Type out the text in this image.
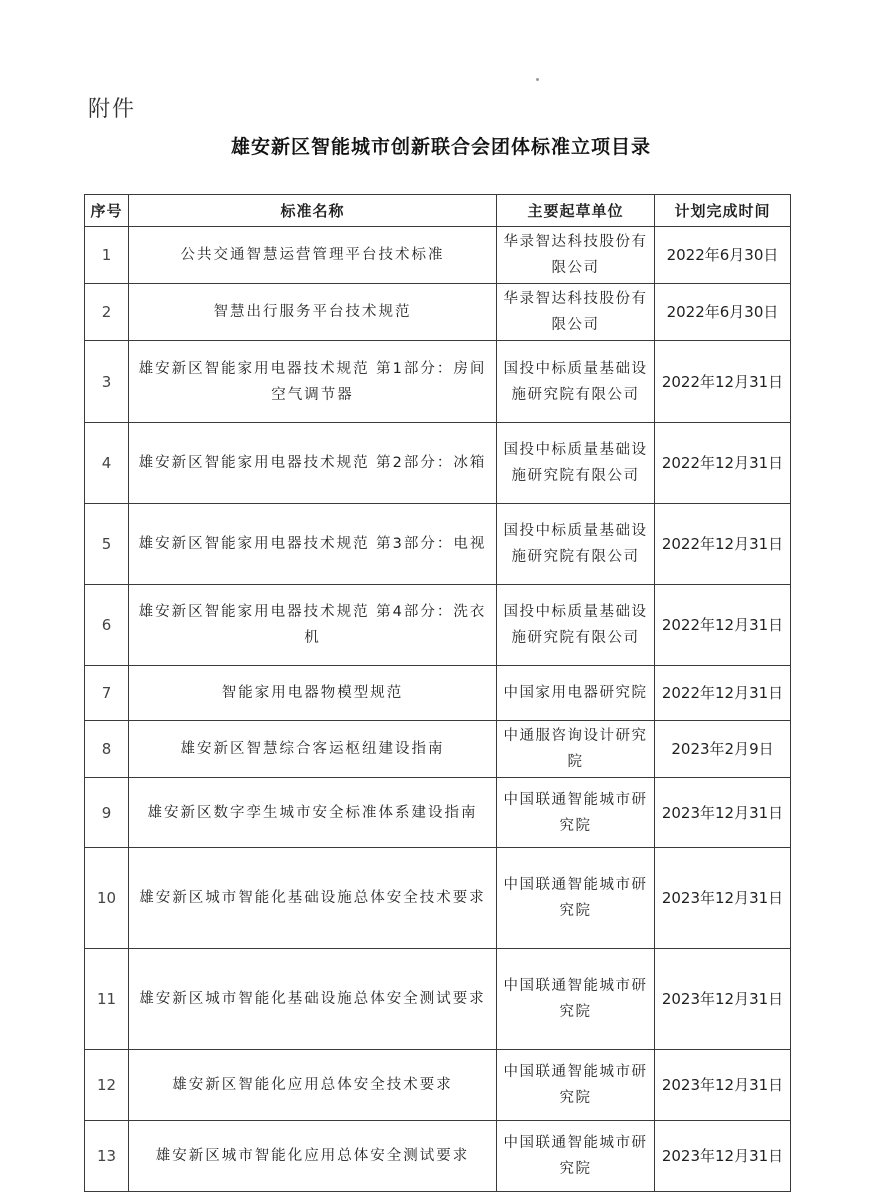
附件
雄安新区智能城市创新联合会团体标准立项目录
序号	标准名称	主要起草单位	计划完成时间
1	公共交通智慧运营管理平台技术标准	华录智达科技股份有限公司	2022年6月30日
2	智慧出行服务平台技术规范	华录智达科技股份有限公司	2022年6月30日
3	雄安新区智能家用电器技术规范 第1部分：房间空气调节器	国投中标质量基础设施研究院有限公司	2022年12月31日
4	雄安新区智能家用电器技术规范 第2部分：冰箱	国投中标质量基础设施研究院有限公司	2022年12月31日
5	雄安新区智能家用电器技术规范 第3部分：电视	国投中标质量基础设施研究院有限公司	2022年12月31日
6	雄安新区智能家用电器技术规范 第4部分：洗衣机	国投中标质量基础设施研究院有限公司	2022年12月31日
7	智能家用电器物模型规范	中国家用电器研究院	2022年12月31日
8	雄安新区智慧综合客运枢纽建设指南	中通服咨询设计研究院	2023年2月9日
9	雄安新区数字孪生城市安全标准体系建设指南	中国联通智能城市研究院	2023年12月31日
10	雄安新区城市智能化基础设施总体安全技术要求	中国联通智能城市研究院	2023年12月31日
11	雄安新区城市智能化基础设施总体安全测试要求	中国联通智能城市研究院	2023年12月31日
12	雄安新区智能化应用总体安全技术要求	中国联通智能城市研究院	2023年12月31日
13	雄安新区城市智能化应用总体安全测试要求	中国联通智能城市研究院	2023年12月31日
